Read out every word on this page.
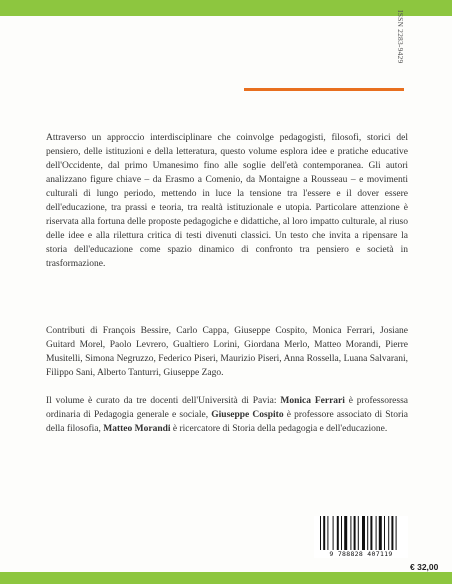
ISSN 2283-9429
Attraverso un approccio interdisciplinare che coinvolge pedagogisti, filosofi, storici del pensiero, delle istituzioni e della letteratura, questo volume esplora idee e pratiche educative dell'Occidente, dal primo Umanesimo fino alle soglie dell'età contemporanea. Gli autori analizzano figure chiave – da Erasmo a Comenio, da Montaigne a Rousseau – e movimenti culturali di lungo periodo, mettendo in luce la tensione tra l'essere e il dover essere dell'educazione, tra prassi e teoria, tra realtà istituzionale e utopia. Particolare attenzione è riservata alla fortuna delle proposte pedagogiche e didattiche, al loro impatto culturale, al riuso delle idee e alla rilettura critica di testi divenuti classici. Un testo che invita a ripensare la storia dell'educazione come spazio dinamico di confronto tra pensiero e società in trasformazione.
Contributi di François Bessire, Carlo Cappa, Giuseppe Cospito, Monica Ferrari, Josiane Guitard Morel, Paolo Levrero, Gualtiero Lorini, Giordana Merlo, Matteo Morandi, Pierre Musitelli, Simona Negruzzo, Federico Piseri, Maurizio Piseri, Anna Rossella, Luana Salvarani, Filippo Sani, Alberto Tanturri, Giuseppe Zago.
Il volume è curato da tre docenti dell'Università di Pavia: Monica Ferrari è professoressa ordinaria di Pedagogia generale e sociale, Giuseppe Cospito è professore associato di Storia della filosofia, Matteo Morandi è ricercatore di Storia della pedagogia e dell'educazione.
9 788828 407119
€ 32,00
